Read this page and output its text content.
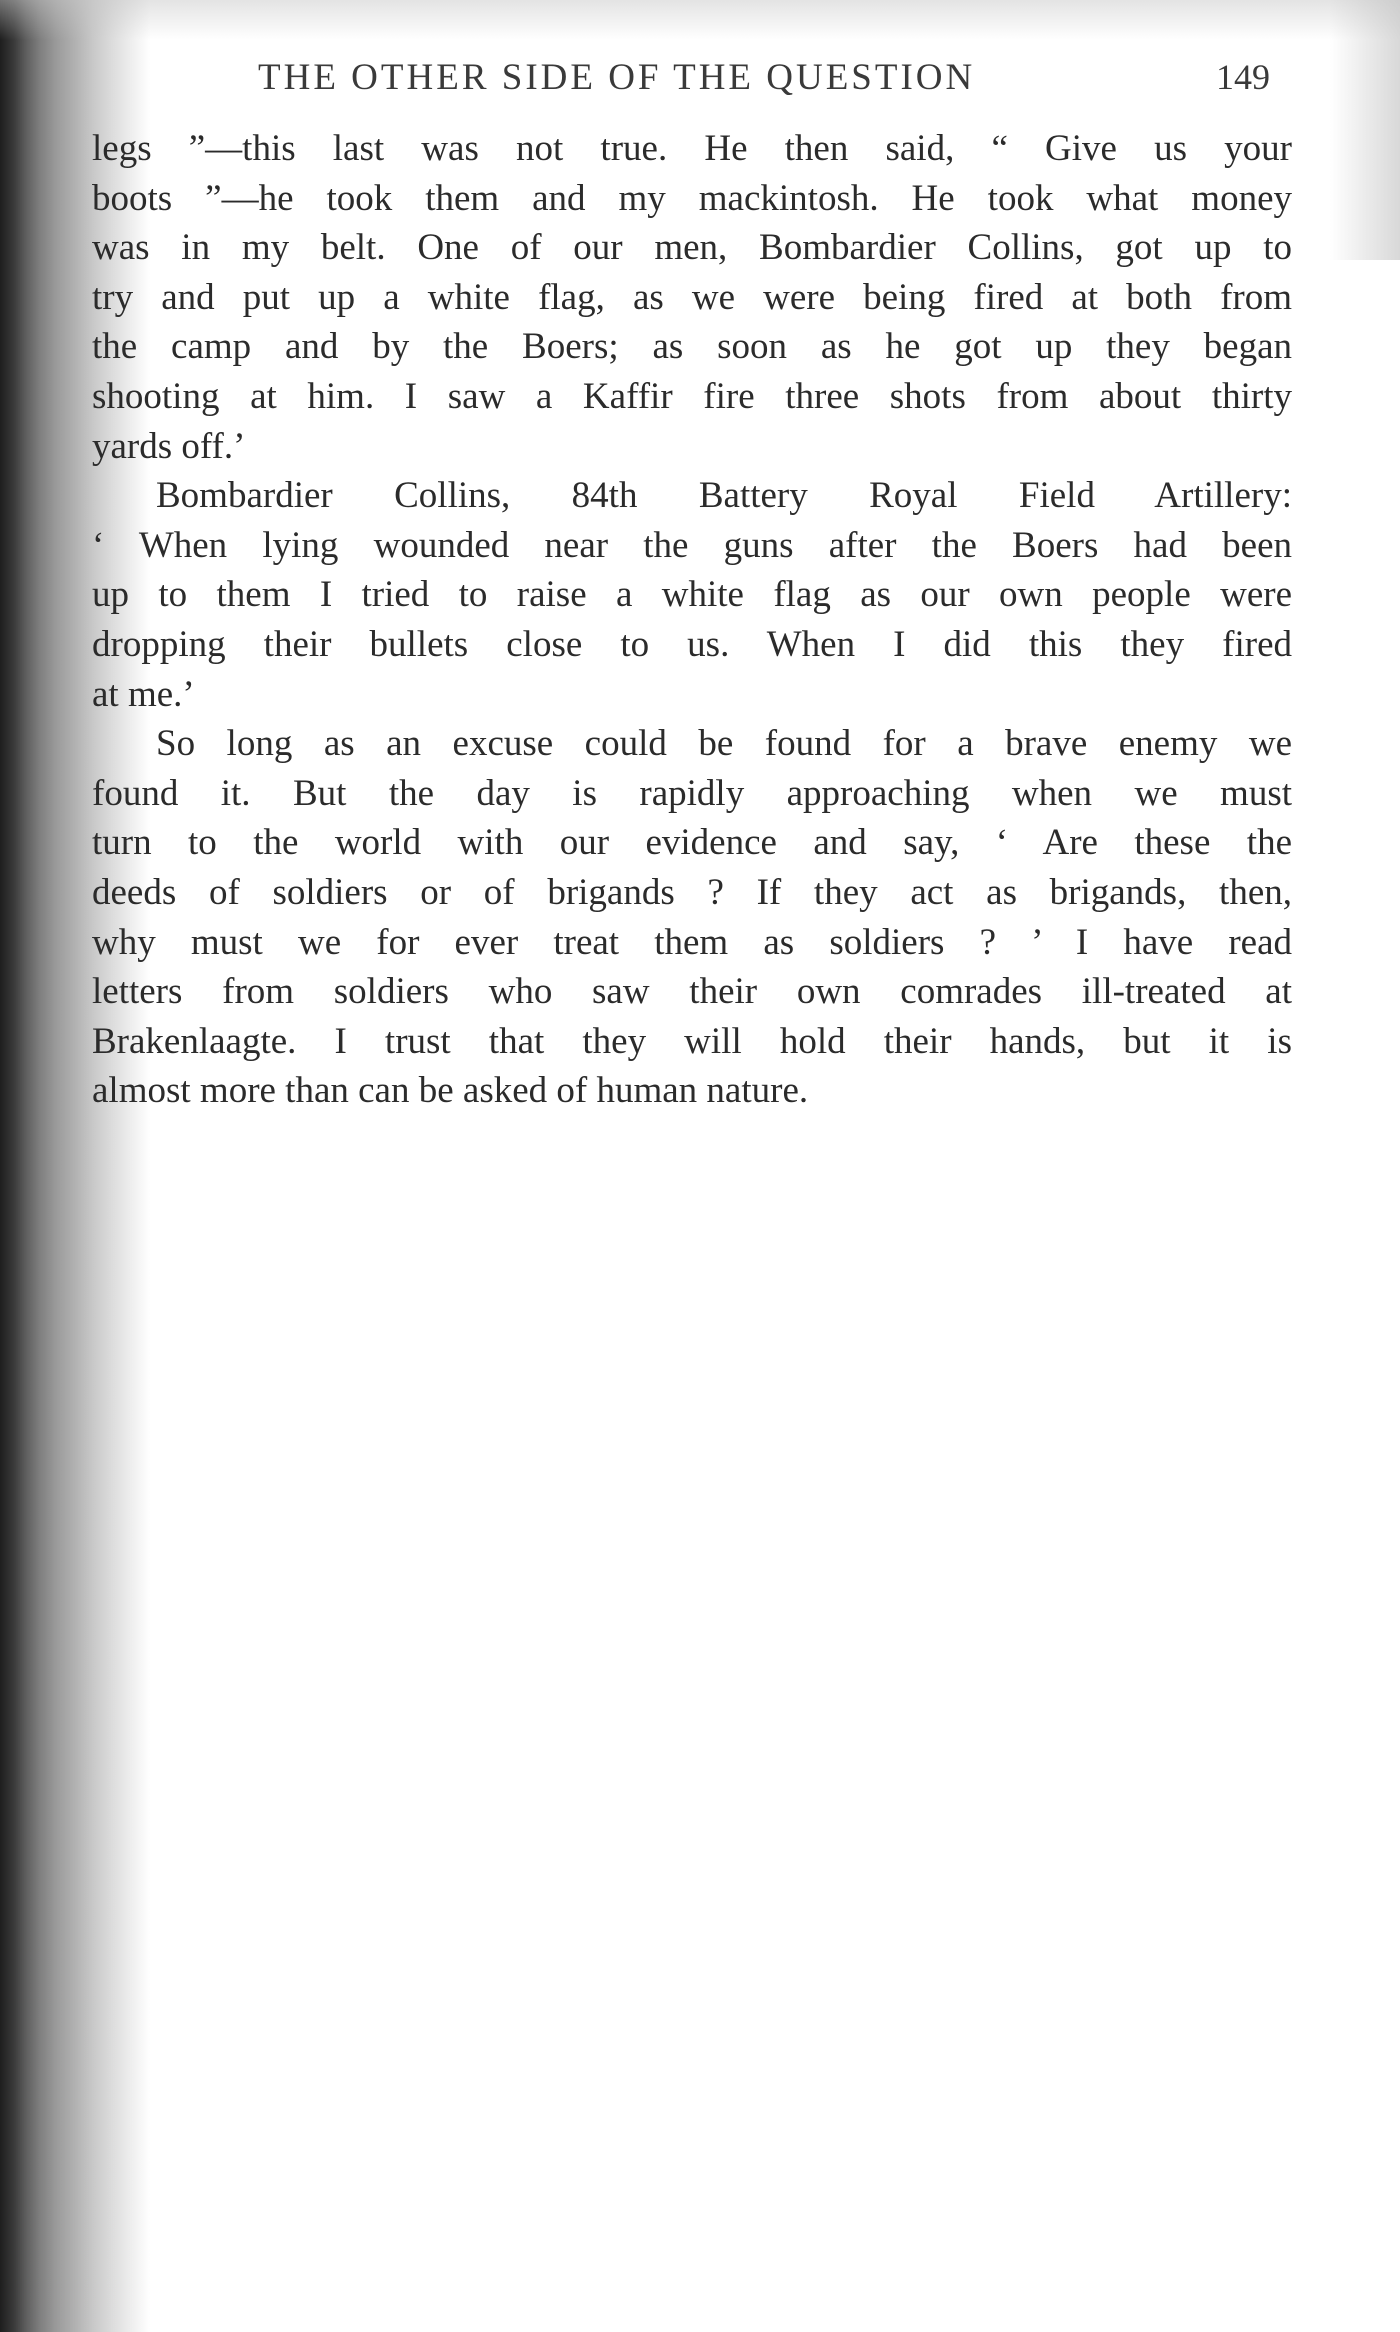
THE OTHER SIDE OF THE QUESTION	149
legs ”—this last was not true. He then said, “ Give us your
boots ”—he took them and my mackintosh. He took what money
was in my belt. One of our men, Bombardier Collins, got up to
try and put up a white flag, as we were being fired at both from
the camp and by the Boers; as soon as he got up they began
shooting at him. I saw a Kaffir fire three shots from about thirty
yards off.’
Bombardier Collins, 84th Battery Royal Field Artillery:
‘ When lying wounded near the guns after the Boers had been
up to them I tried to raise a white flag as our own people were
dropping their bullets close to us. When I did this they fired
at me.’
So long as an excuse could be found for a brave enemy we
found it. But the day is rapidly approaching when we must
turn to the world with our evidence and say, ‘ Are these the
deeds of soldiers or of brigands ? If they act as brigands, then,
why must we for ever treat them as soldiers ? ’ I have read
letters from soldiers who saw their own comrades ill-treated at
Brakenlaagte. I trust that they will hold their hands, but it is
almost more than can be asked of human nature.
